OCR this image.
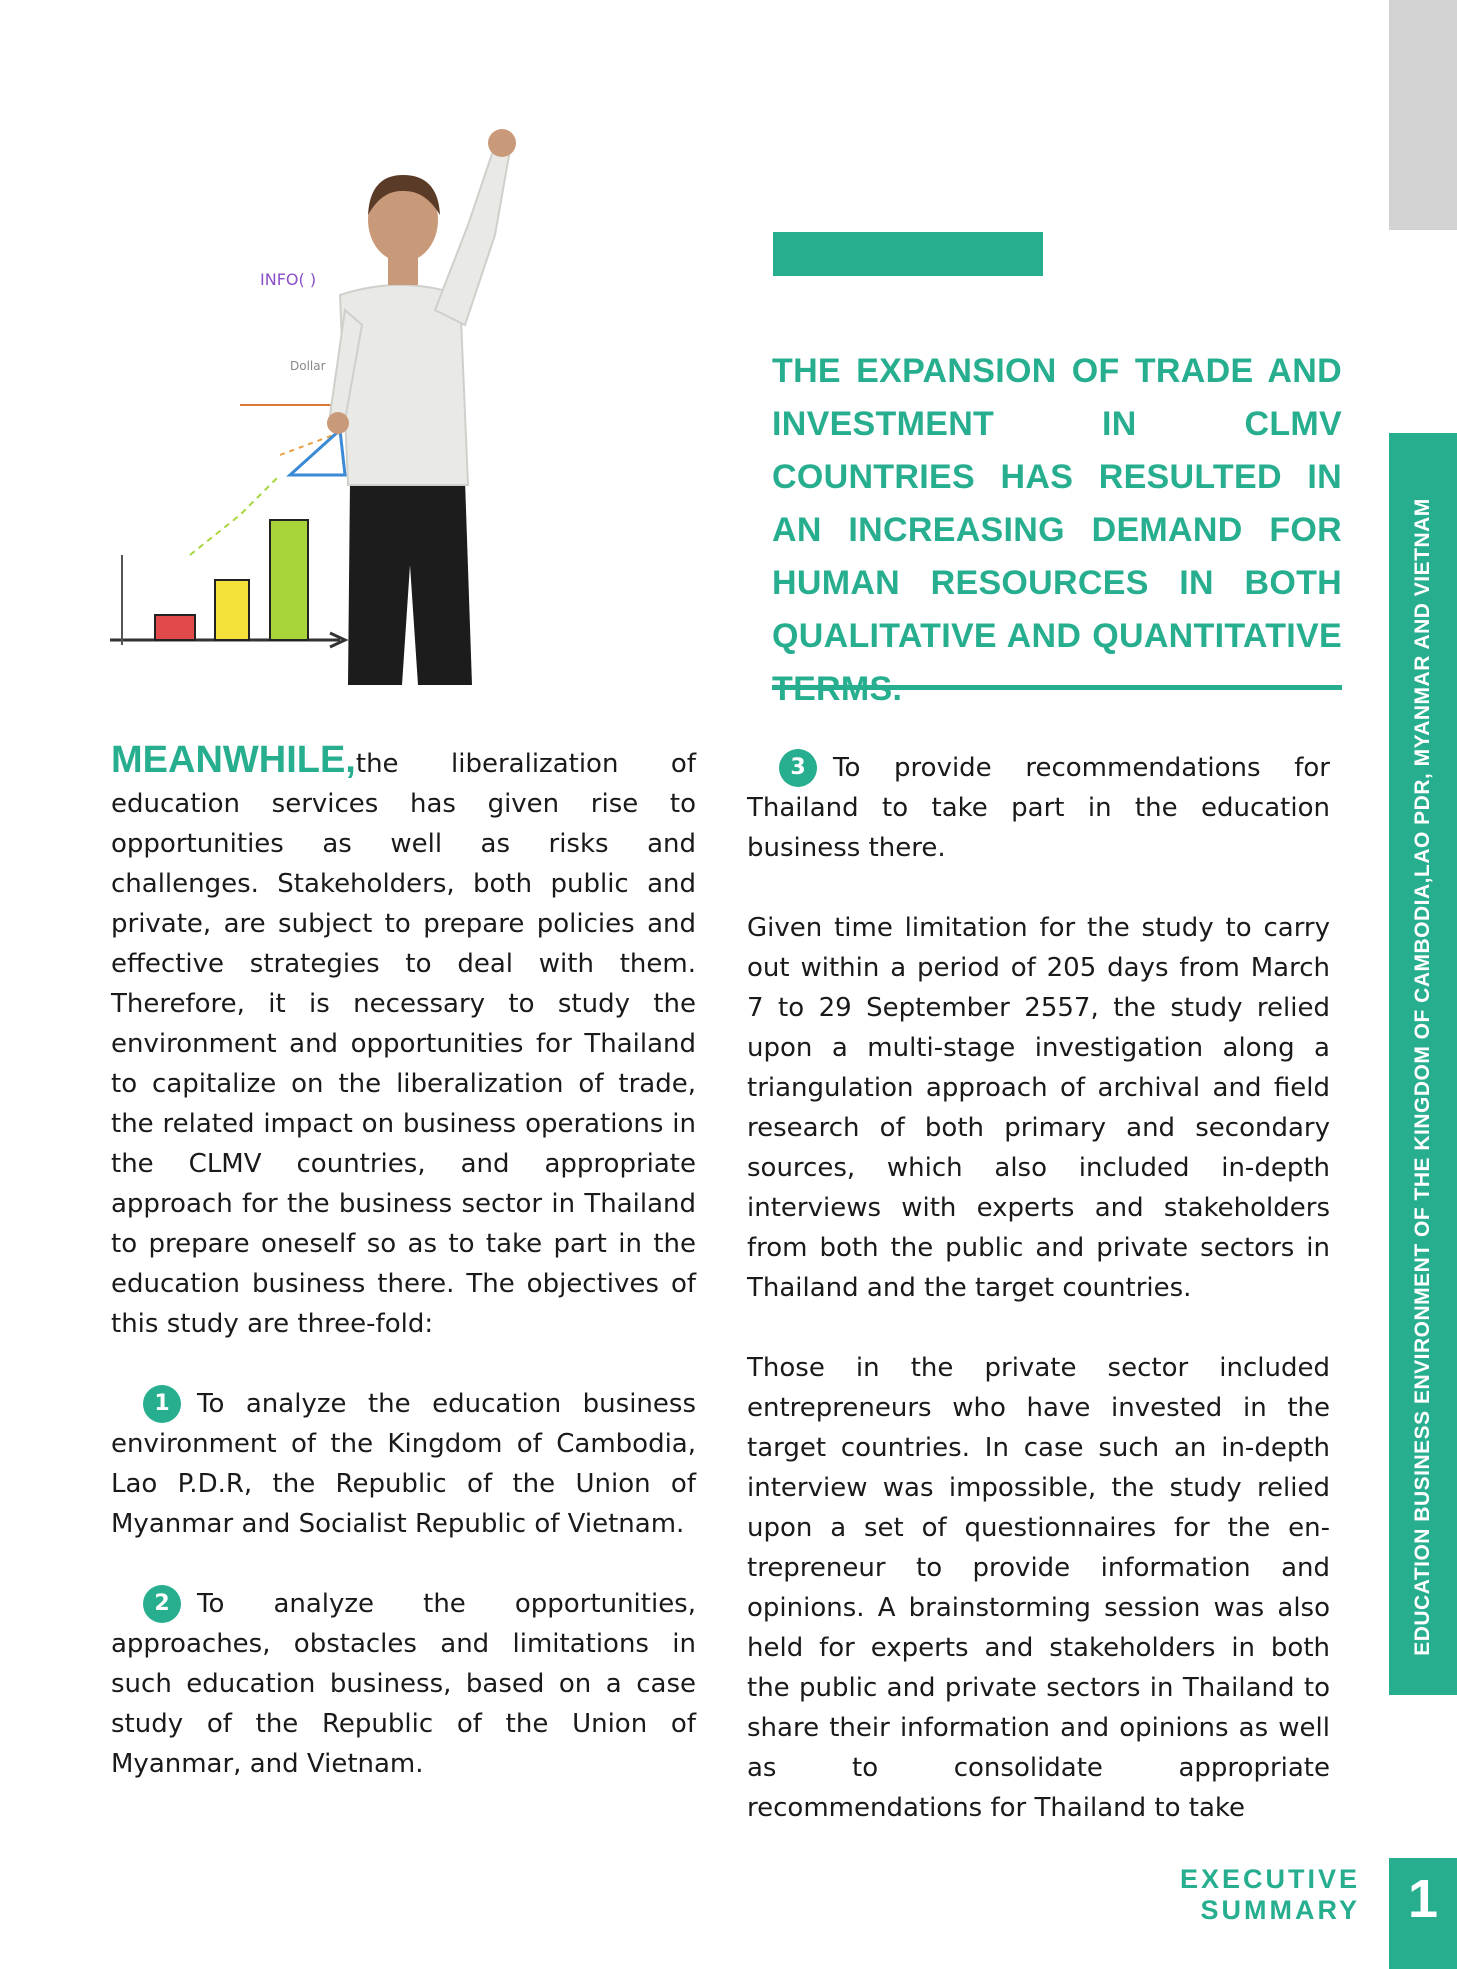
EDUCATION BUSINESS ENVIRONMENT OF THE KINGDOM OF CAMBODIA,LAO PDR, MYANMAR AND VIETNAM
INFO( )
Dollar	THE EXPANSION OF TRADE AND INVESTMENT IN CLMV COUNTRIES HAS RESULTED IN AN INCREASING DEMAND FOR HUMAN RESOURCES IN BOTH QUALITATIVE AND QUANTITATIVE

MEANWHILE,the liberalization of education services has given rise to opportunities as well as risks and challenges. Stakeholders, both public and private, are subject to prepare policies and effective strategies to deal with them. Therefore, it is necessary to study the environment and opportunities for Thailand to capitalize on the liberalization of trade, the related impact on business operations in the CLMV countries, and appropriate approach for the business sector in Thailand to prepare oneself so as to take part in the education business there. The objectives of this study are three-fold:

1 To analyze the education business environment of the Kingdom of Cambodia, Lao P.D.R, the Republic of the Union of Myanmar and Socialist Republic of Vietnam.

2 To analyze the opportunities, approaches, obstacles and limitations in such education business, based on a case study of the Republic of the Union of Myanmar, and Vietnam.

3 To provide recommendations for Thailand to take part in the education business there.

Given time limitation for the study to carry out within a period of 205 days from March 7 to 29 September 2557, the study relied upon a multi-stage investigation along a triangulation approach of archival and field research of both primary and secondary sources, which also included in-depth interviews with experts and stakeholders from both the public and private sectors in Thailand and the target countries.

Those in the private sector included entrepreneurs who have invested in the target countries. In case such an in-depth interview was impossible, the study relied upon a set of questionnaires for the en-trepreneur to provide information and opinions. A brainstorming session was also held for experts and stakeholders in both the public and private sectors in Thailand to share their information and opinions as well as to consolidate appropriate recommendations for Thailand to take

EXECUTIVE SUMMARY 1
